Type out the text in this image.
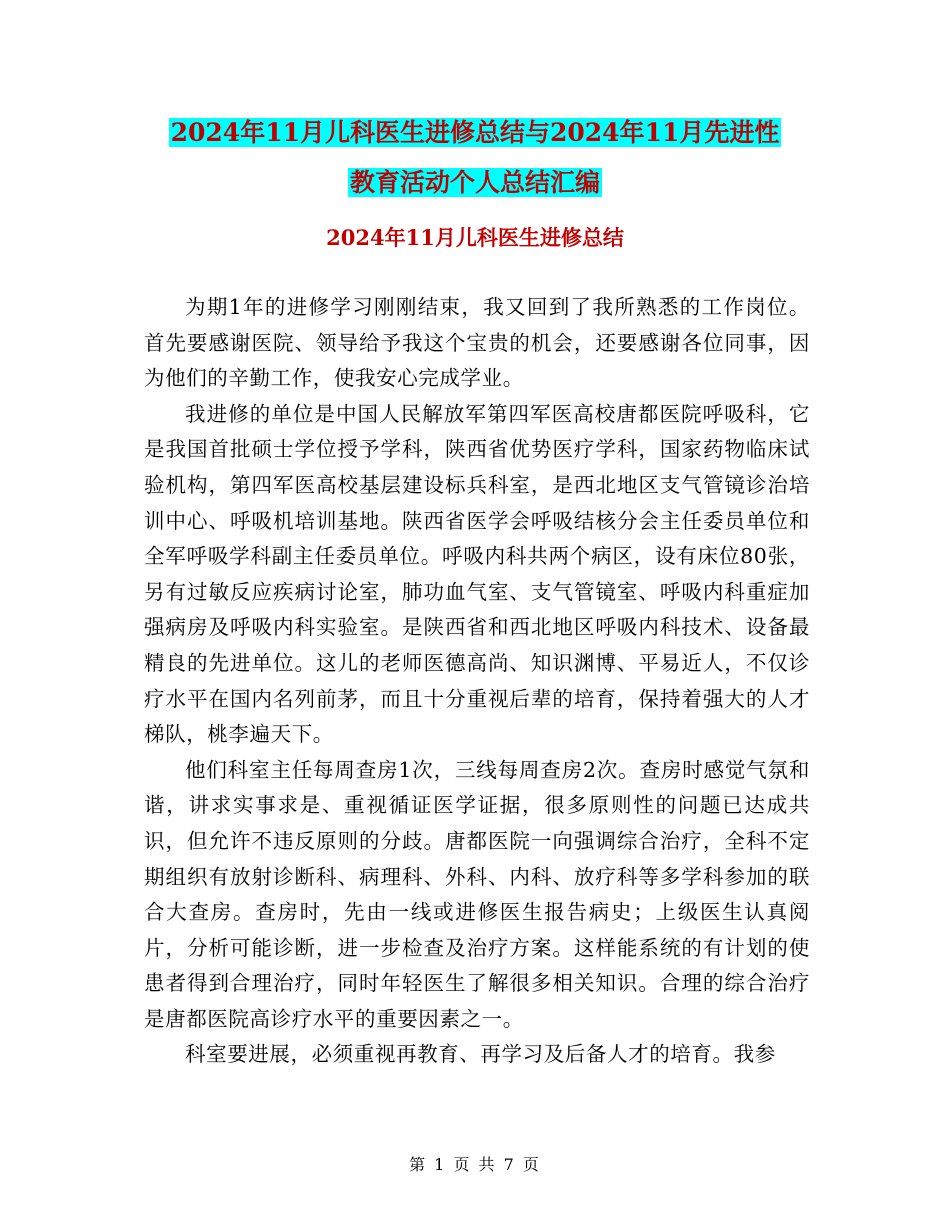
2024年11月儿科医生进修总结与2024年11月先进性
教育活动个人总结汇编
2024年11月儿科医生进修总结

为期1年的进修学习刚刚结束，我又回到了我所熟悉的工作岗位。首先要感谢医院、领导给予我这个宝贵的机会，还要感谢各位同事，因为他们的辛勤工作，使我安心完成学业。

我进修的单位是中国人民解放军第四军医高校唐都医院呼吸科，它是我国首批硕士学位授予学科，陕西省优势医疗学科，国家药物临床试验机构，第四军医高校基层建设标兵科室，是西北地区支气管镜诊治培训中心、呼吸机培训基地。陕西省医学会呼吸结核分会主任委员单位和全军呼吸学科副主任委员单位。呼吸内科共两个病区，设有床位80张，另有过敏反应疾病讨论室，肺功血气室、支气管镜室、呼吸内科重症加强病房及呼吸内科实验室。是陕西省和西北地区呼吸内科技术、设备最精良的先进单位。这儿的老师医德高尚、知识渊博、平易近人，不仅诊疗水平在国内名列前茅，而且十分重视后辈的培育，保持着强大的人才梯队，桃李遍天下。

他们科室主任每周查房1次，三线每周查房2次。查房时感觉气氛和谐，讲求实事求是、重视循证医学证据，很多原则性的问题已达成共识，但允许不违反原则的分歧。唐都医院一向强调综合治疗，全科不定期组织有放射诊断科、病理科、外科、内科、放疗科等多学科参加的联合大查房。查房时，先由一线或进修医生报告病史；上级医生认真阅片，分析可能诊断，进一步检查及治疗方案。这样能系统的有计划的使患者得到合理治疗，同时年轻医生了解很多相关知识。合理的综合治疗是唐都医院高诊疗水平的重要因素之一。

科室要进展，必须重视再教育、再学习及后备人才的培育。我参

第 1 页 共 7 页
